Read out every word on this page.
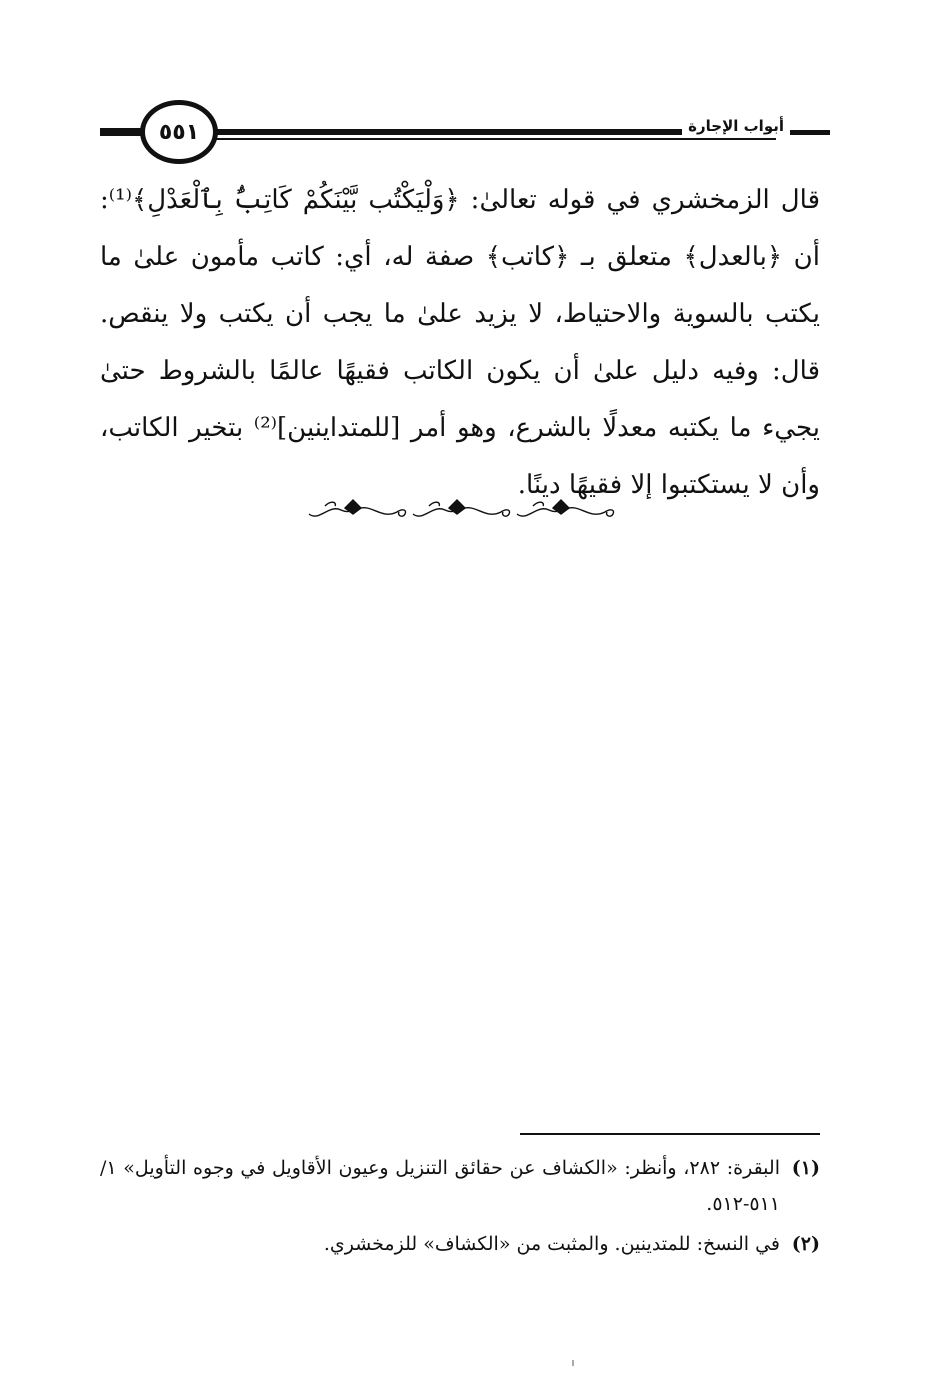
٥٥١	أبواب الإجارة
قال الزمخشري في قوله تعالىٰ: ﴿وَلْيَكْتُب بَّيْنَكُمْ كَاتِبٌۢ بِٱلْعَدْلِ﴾⁽¹⁾: أن ﴿بالعدل﴾ متعلق بـ ﴿كاتب﴾ صفة له، أي: كاتب مأمون علىٰ ما يكتب بالسوية والاحتياط، لا يزيد علىٰ ما يجب أن يكتب ولا ينقص. قال: وفيه دليل علىٰ أن يكون الكاتب فقيهًا عالمًا بالشروط حتىٰ يجيء ما يكتبه معدلًا بالشرع، وهو أمر [للمتداينين]⁽²⁾ بتخير الكاتب، وأن لا يستكتبوا إلا فقيهًا دينًا.
(١)
البقرة: ٢٨٢، وأنظر: «الكشاف عن حقائق التنزيل وعيون الأقاويل في وجوه التأويل» ١/ ٥١١-٥١٢.
(٢)
في النسخ: للمتدينين. والمثبت من «الكشاف» للزمخشري.
